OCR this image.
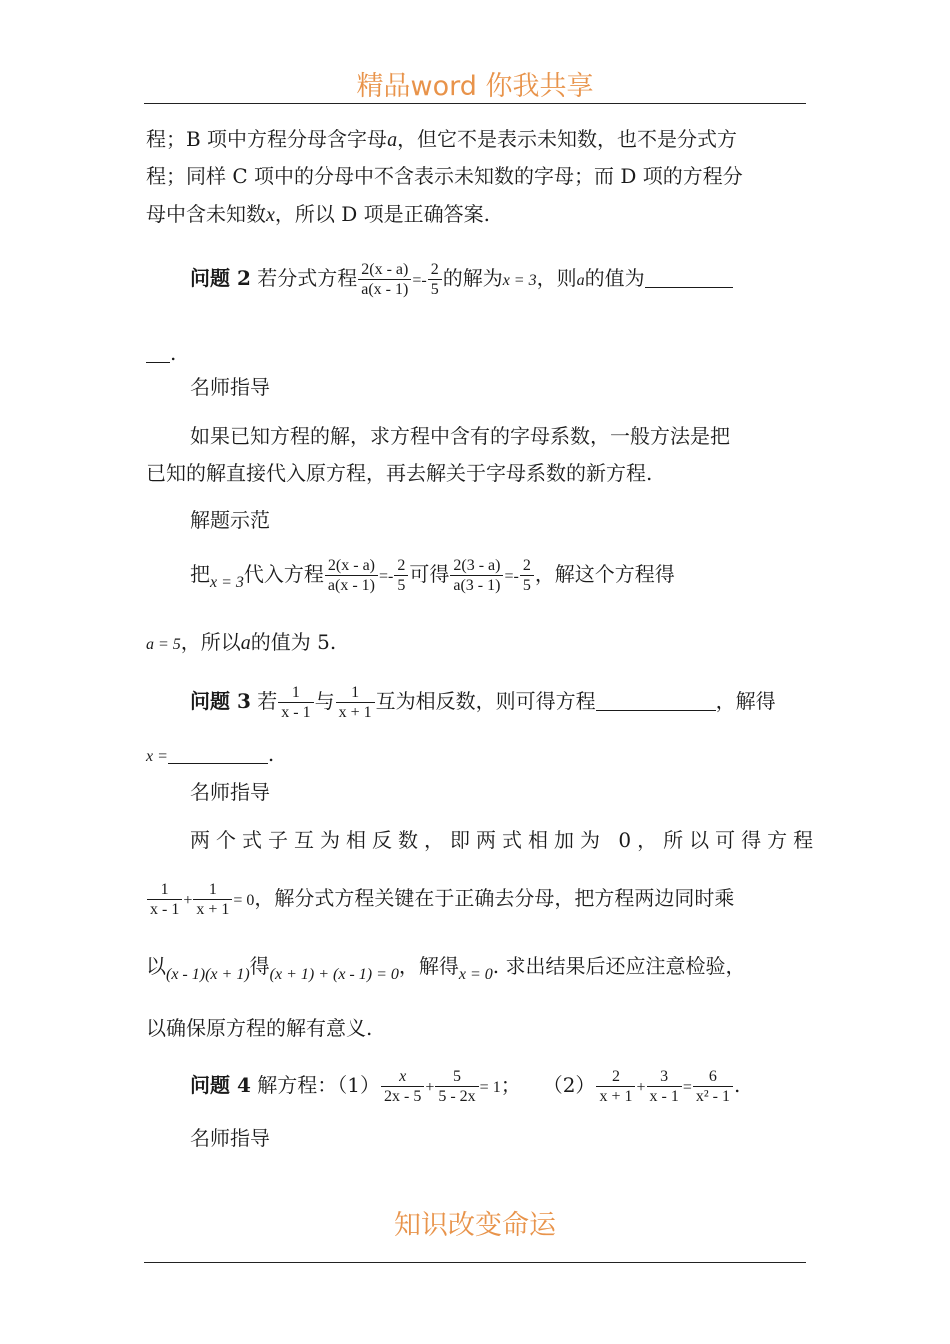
精品word 你我共享
程；B 项中方程分母含字母a，但它不是表示未知数，也不是分式方
程；同样 C 项中的分母中不含表示未知数的字母；而 D 项的方程分
母中含未知数x，所以 D 项是正确答案.
问题 2 若分式方程 $\frac{2(x - a)}{a(x - 1)} =- \frac{2}{5}$ 的解为x = 3，则a的值为
.
名师指导
如果已知方程的解，求方程中含有的字母系数，一般方法是把
已知的解直接代入原方程，再去解关于字母系数的新方程.
解题示范
把$_{x = 3}$代入方程 $\frac{2(x - a)}{a(x - 1)} =- \frac{2}{5}$ 可得 $\frac{2(3 - a)}{a(3 - 1)} =- \frac{2}{5}$ ，解这个方程得
a = 5，所以a的值为 5.
问题 3 若 $\frac{1}{x - 1}$ 与 $\frac{1}{x + 1}$ 互为相反数，则可得方程	，解得
x =	.
名师指导
两个式子互为相反数，即两式相加为 0，所以可得方程
$\frac{1}{x - 1} + \frac{1}{x + 1} = 0$，解分式方程关键在于正确去分母，把方程两边同时乘
以$_{(x - 1)(x + 1)}$得$_{(x + 1) + (x - 1) = 0}$，解得$_{x = 0}$. 求出结果后还应注意检验，
以确保原方程的解有意义.
问题 4 解方程：$(1) \frac{x}{2x - 5} + \frac{5}{5 - 2x} = 1$； $(2) \frac{2}{x + 1} + \frac{3}{x - 1} = \frac{6}{\text{x² - 1}}$ .
名师指导
知识改变命运
